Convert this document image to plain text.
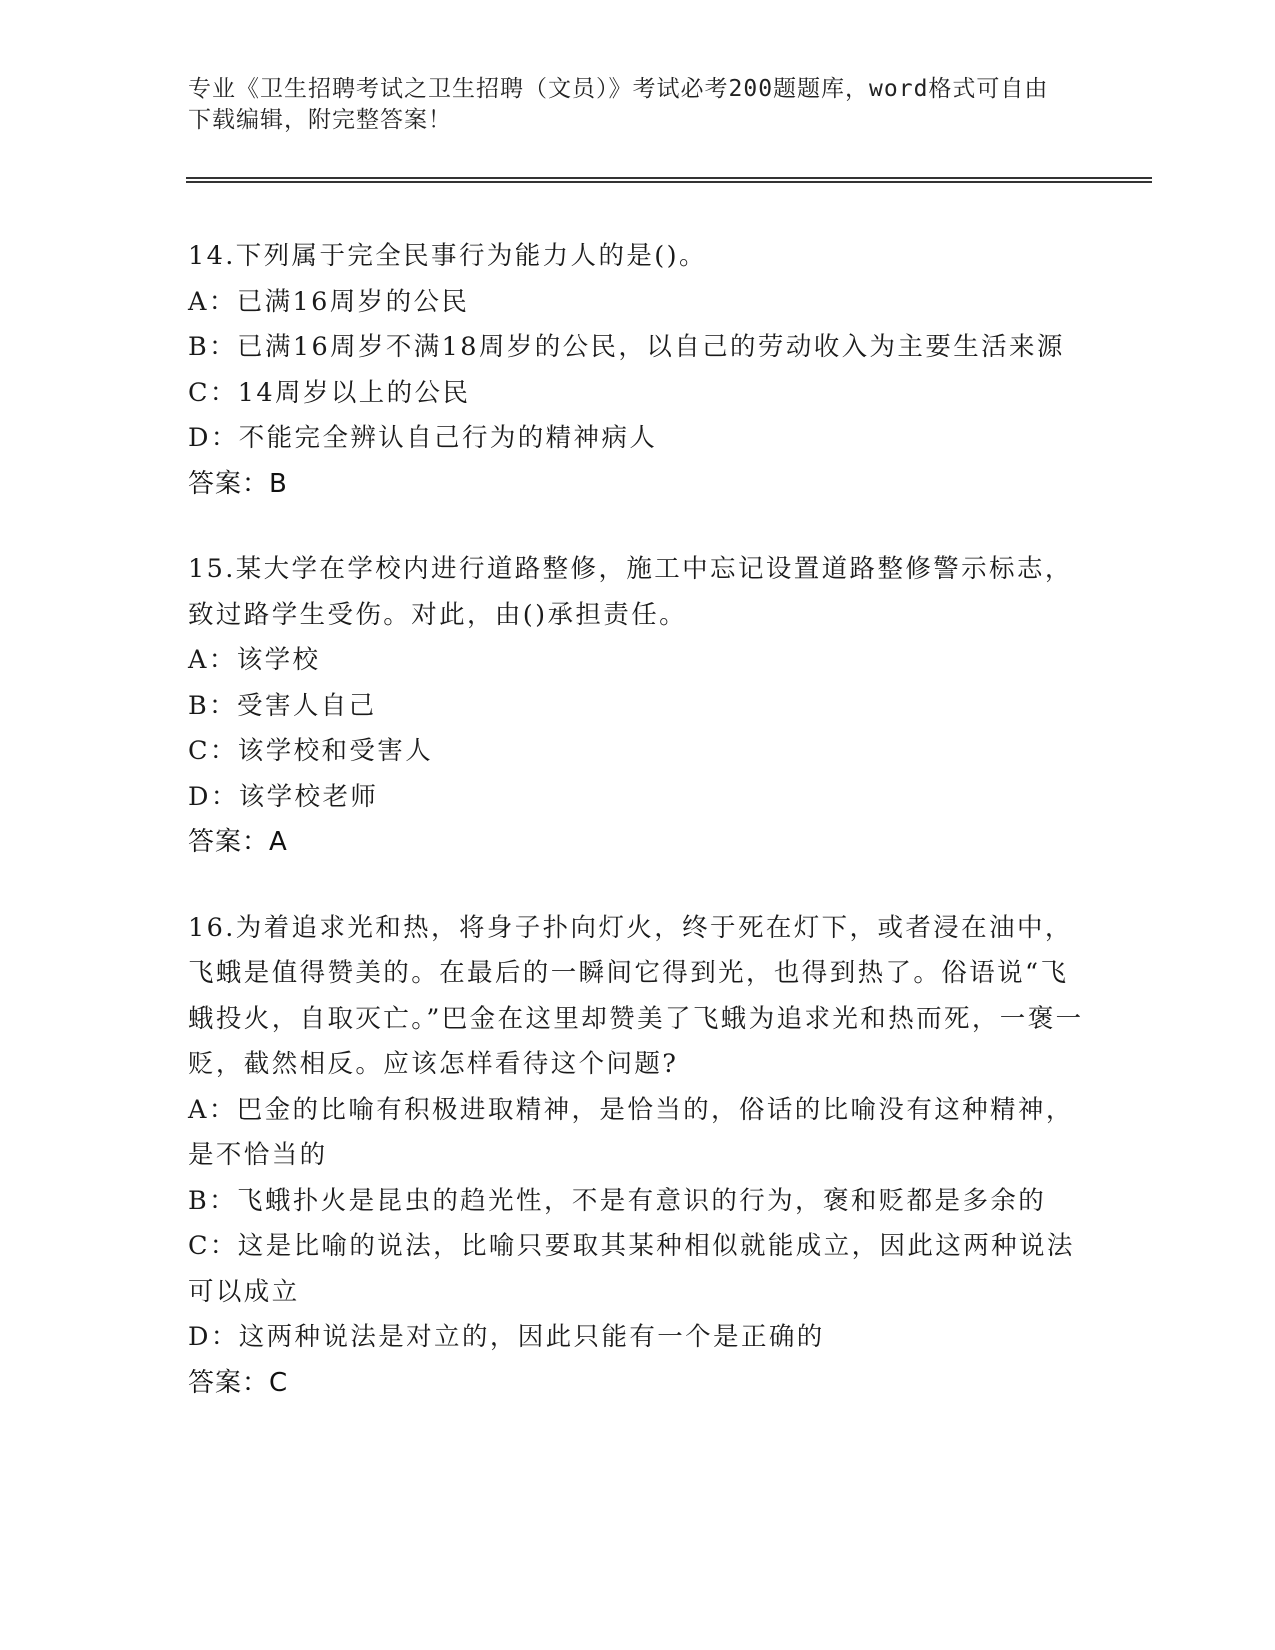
专业《卫生招聘考试之卫生招聘（文员）》考试必考200题题库，word格式可自由下载编辑，附完整答案！
14.下列属于完全民事行为能力人的是()。
A：已满16周岁的公民
B：已满16周岁不满18周岁的公民，以自己的劳动收入为主要生活来源
C：14周岁以上的公民
D：不能完全辨认自己行为的精神病人
答案：B
15.某大学在学校内进行道路整修，施工中忘记设置道路整修警示标志，致过路学生受伤。对此，由()承担责任。
A：该学校
B：受害人自己
C：该学校和受害人
D：该学校老师
答案：A
16.为着追求光和热，将身子扑向灯火，终于死在灯下，或者浸在油中，飞蛾是值得赞美的。在最后的一瞬间它得到光，也得到热了。俗语说“飞蛾投火，自取灭亡。”巴金在这里却赞美了飞蛾为追求光和热而死，一褒一贬，截然相反。应该怎样看待这个问题?
A：巴金的比喻有积极进取精神，是恰当的，俗话的比喻没有这种精神，是不恰当的
B：飞蛾扑火是昆虫的趋光性，不是有意识的行为，褒和贬都是多余的
C：这是比喻的说法，比喻只要取其某种相似就能成立，因此这两种说法可以成立
D：这两种说法是对立的，因此只能有一个是正确的
答案：C
